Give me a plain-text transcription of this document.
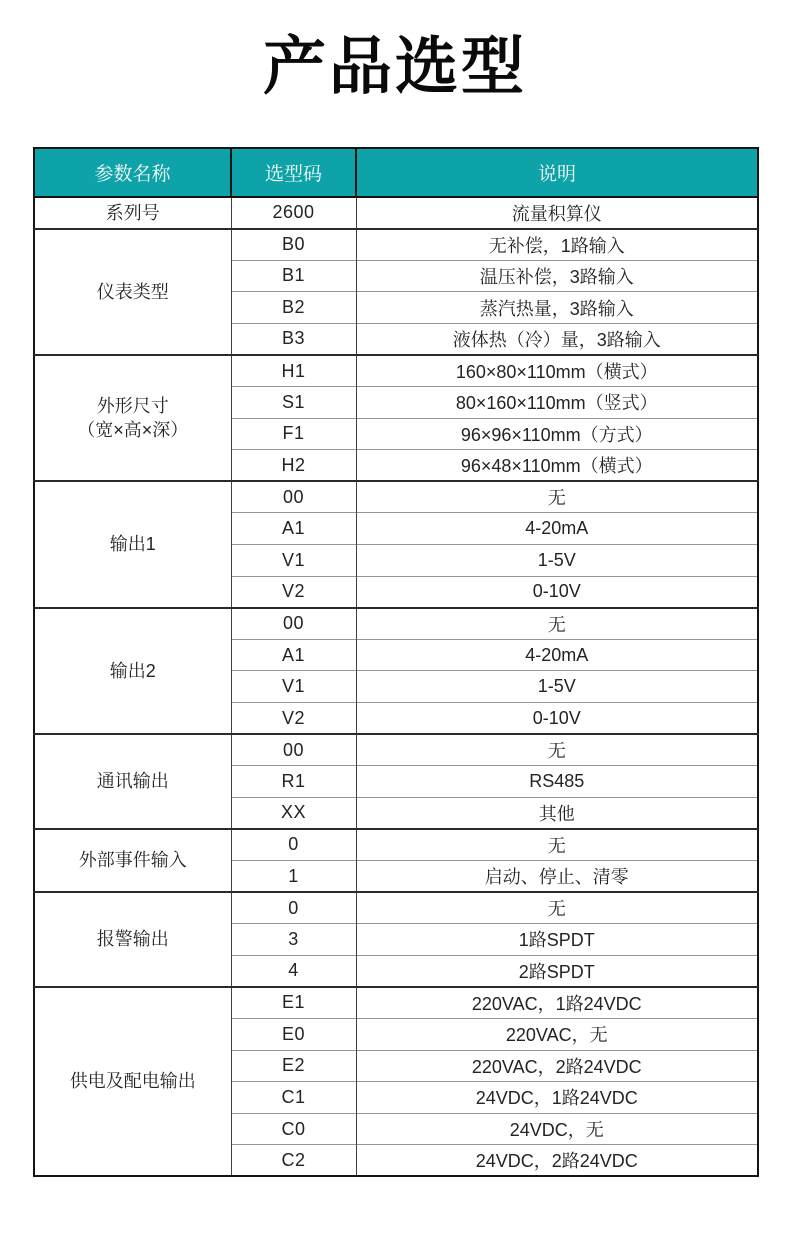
产品选型
参数名称	选型码	说明

系列号	2600	流量积算仪

仪表类型	B0	无补偿，1路输入
	B1	温压补偿，3路输入
	B2	蒸汽热量，3路输入
	B3	液体热（冷）量，3路输入

外形尺寸
（宽×高×深）	H1	160×80×110mm（横式）
	S1	80×160×110mm（竖式）
	F1	96×96×110mm（方式）
	H2	96×48×110mm（横式）

输出1	00	无
	A1	4-20mA
	V1	1-5V
	V2	0-10V

输出2	00	无
	A1	4-20mA
	V1	1-5V
	V2	0-10V

通讯输出	00	无
	R1	RS485
	XX	其他

外部事件输入	0	无
	1	启动、停止、清零

报警输出	0	无
	3	1路SPDT
	4	2路SPDT

供电及配电输出	E1	220VAC，1路24VDC
	E0	220VAC，无
	E2	220VAC，2路24VDC
	C1	24VDC，1路24VDC
	C0	24VDC，无
	C2	24VDC，2路24VDC
